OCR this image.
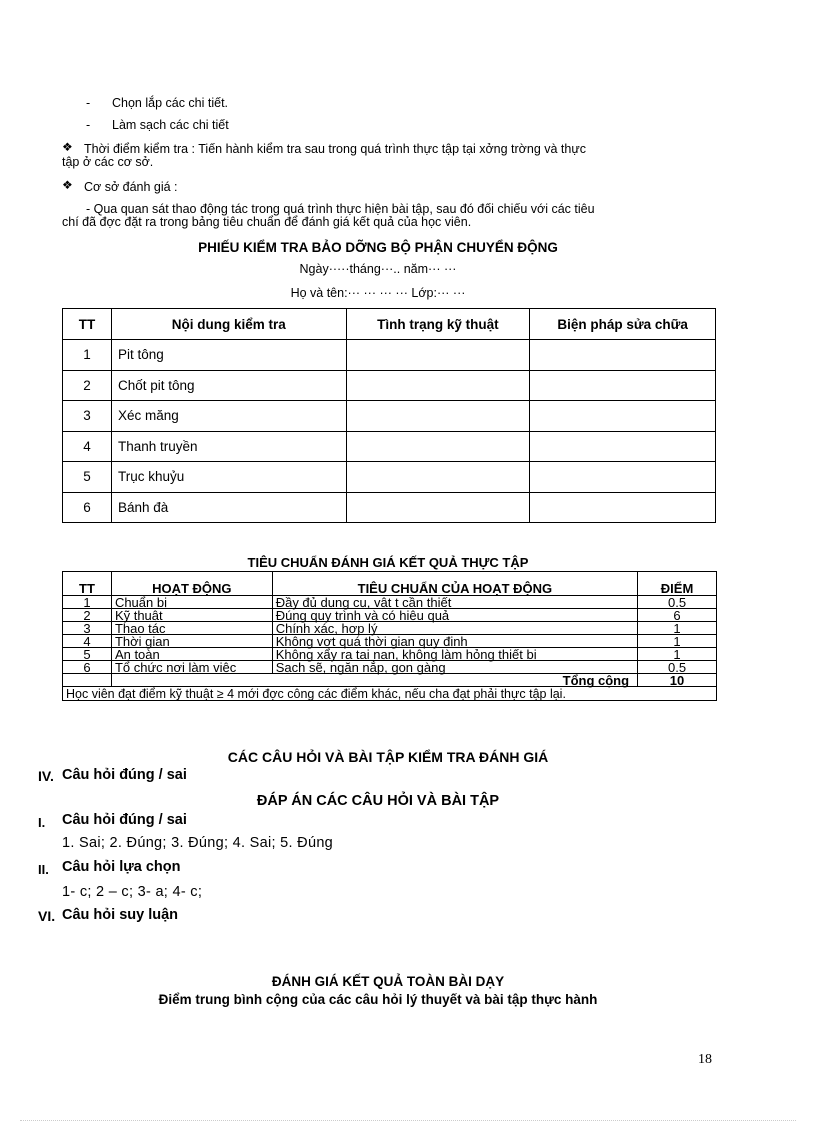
- Chọn lắp các chi tiết.
- Làm sạch các chi tiết
❖ Thời điểm kiểm tra : Tiến hành kiểm tra sau trong quá trình thực tập tại xởng trờng và thực
tập ở các cơ sở.
❖ Cơ sở đánh giá :
- Qua quan sát thao động tác trong quá trình thực hiện bài tập, sau đó đối chiếu với các tiêu
chí đã đợc đặt ra trong bảng tiêu chuẩn để đánh giá kết quả của học viên.
PHIẾU KIỂM TRA BẢO DỠNG BỘ PHẬN CHUYỂN ĐỘNG
Ngày·····tháng···.. năm··· ···
Họ và tên:··· ··· ··· ··· Lớp:··· ···
TT	Nội dung kiểm tra	Tình trạng kỹ thuật	Biện pháp sửa chữa
1	Pit tông		
2	Chốt pit tông		
3	Xéc măng		
4	Thanh truyền		
5	Trục khuỷu		
6	Bánh đà		
TIÊU CHUẨN ĐÁNH GIÁ KẾT QUẢ THỰC TẬP
TT	HOẠT ĐỘNG	TIÊU CHUẨN CỦA HOẠT ĐỘNG	ĐIỂM
1	Chuẩn bị	Đầy đủ dụng cụ, vật t cần thiết	0.5
2	Kỹ thuật	Đúng quy trình và có hiệu quả	6
3	Thao tác	Chính xác, hợp lý	1
4	Thời gian	Không vợt quá thời gian quy định	1
5	An toàn	Không xẩy ra tai nạn, không làm hỏng thiết bị	1
6	Tổ chức nơi làm việc	Sạch sẽ, ngăn nắp, gọn gàng	0.5
	Tổng cộng		10
Học viên đạt điểm kỹ thuật ≥ 4 mới đợc công các điểm khác, nếu cha đạt phải thực tập lại.			
CÁC CÂU HỎI VÀ BÀI TẬP KIỂM TRA ĐÁNH GIÁ
IV. Câu hỏi đúng / sai
ĐÁP ÁN CÁC CÂU HỎI VÀ BÀI TẬP
I. Câu hỏi đúng / sai
1. Sai; 2. Đúng; 3. Đúng; 4. Sai; 5. Đúng
II. Câu hỏi lựa chọn
1- c; 2 – c; 3- a; 4- c;
VI. Câu hỏi suy luận
ĐÁNH GIÁ KẾT QUẢ TOÀN BÀI DẠY
Điểm trung bình cộng của các câu hỏi lý thuyết và bài tập thực hành
18
